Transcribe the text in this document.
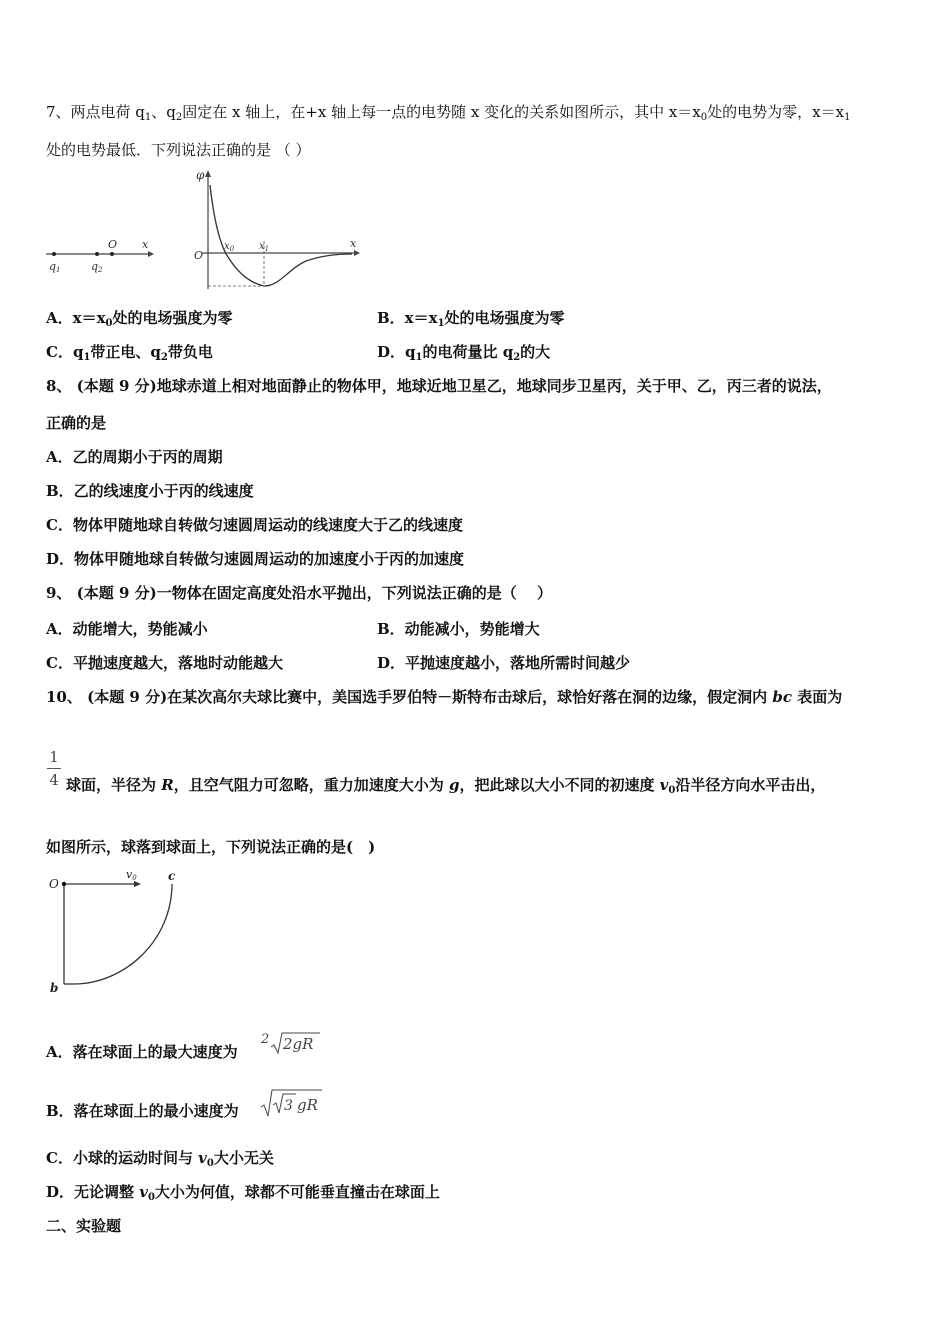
7、两点电荷 $q_1$、$q_2$固定在 x 轴上，在+x 轴上每一点的电势随 x 变化的关系如图所示，其中 $x=x_0$处的电势为零，$x=x_1$
处的电势最低．下列说法正确的是 （ ）
q1	q2
O x
φ
O
$x_0$ $x_1$	x
A．$x=x_0$处的电场强度为零	B．$x=x_1$处的电场强度为零
C．$q_1$带正电、$q_2$带负电	D．$q_1$的电荷量比 $q_2$的大
8、 (本题 9 分)地球赤道上相对地面静止的物体甲，地球近地卫星乙，地球同步卫星丙，关于甲、乙，丙三者的说法，
正确的是
A．乙的周期小于丙的周期
B．乙的线速度小于丙的线速度
C．物体甲随地球自转做匀速圆周运动的线速度大于乙的线速度
D．物体甲随地球自转做匀速圆周运动的加速度小于丙的加速度
9、 (本题 9 分)一物体在固定高度处沿水平抛出，下列说法正确的是（　 ）
A．动能增大，势能减小	B．动能减小，势能增大
C．平抛速度越大，落地时动能越大	D．平抛速度越小，落地所需时间越少
10、 (本题 9 分)在某次高尔夫球比赛中，美国选手罗伯特－斯特布击球后，球恰好落在洞的边缘，假定洞内 bc 表面为
1
4 球面，半径为 R，且空气阻力可忽略，重力加速度大小为 g，把此球以大小不同的初速度 $v_0$沿半径方向水平击出，
如图所示，球落到球面上，下列说法正确的是(　)
O
v0	c
b
A．落在球面上的最大速度为
2 2gR
B．落在球面上的最小速度为	3 gR
C．小球的运动时间与 $v_0$大小无关
D．无论调整 $v_0$大小为何值，球都不可能垂直撞击在球面上
二、实验题
